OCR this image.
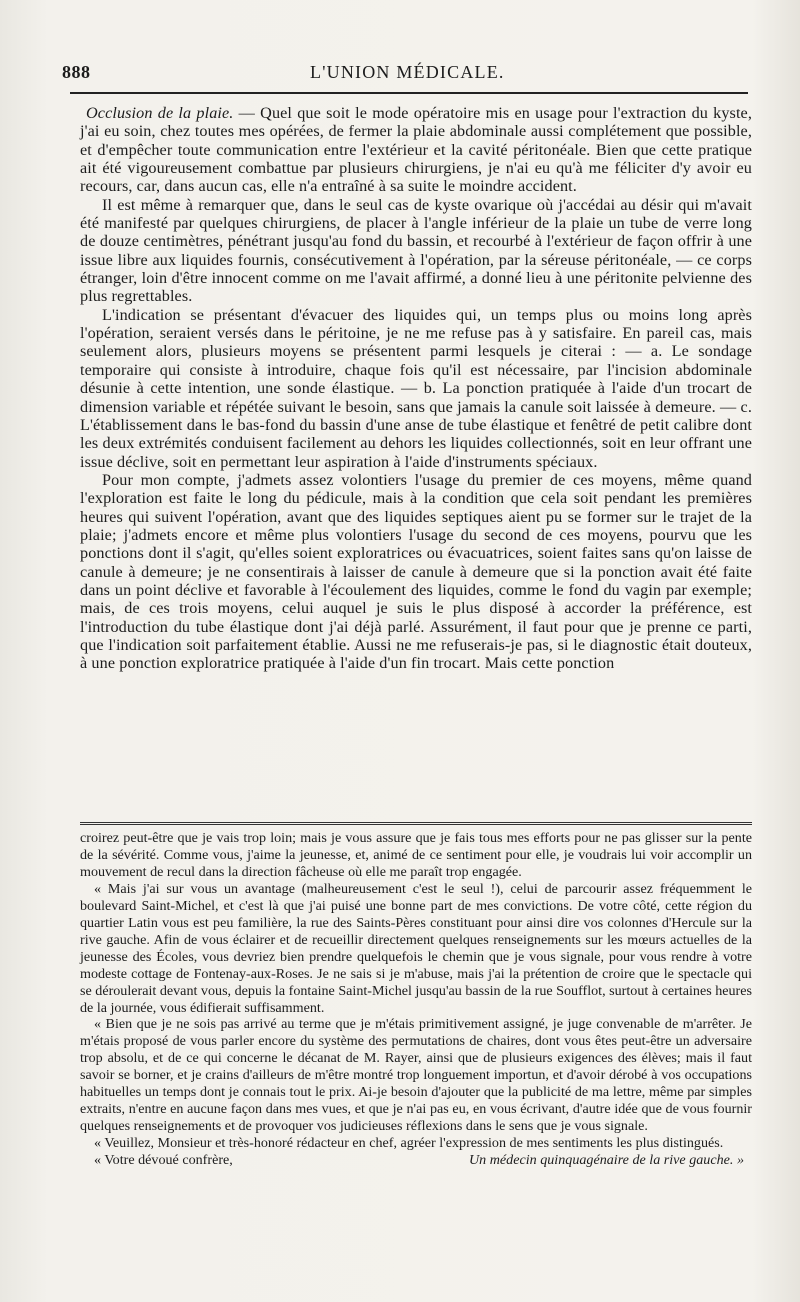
888	L'UNION MÉDICALE.

Occlusion de la plaie. — Quel que soit le mode opératoire mis en usage pour l'extraction du kyste, j'ai eu soin, chez toutes mes opérées, de fermer la plaie abdominale aussi complétement que possible, et d'empêcher toute communication entre l'extérieur et la cavité péritonéale. Bien que cette pratique ait été vigoureusement combattue par plusieurs chirurgiens, je n'ai eu qu'à me féliciter d'y avoir eu recours, car, dans aucun cas, elle n'a entraîné à sa suite le moindre accident.

Il est même à remarquer que, dans le seul cas de kyste ovarique où j'accédai au désir qui m'avait été manifesté par quelques chirurgiens, de placer à l'angle inférieur de la plaie un tube de verre long de douze centimètres, pénétrant jusqu'au fond du bassin, et recourbé à l'extérieur de façon offrir à une issue libre aux liquides fournis, consécutivement à l'opération, par la séreuse péritonéale, — ce corps étranger, loin d'être innocent comme on me l'avait affirmé, a donné lieu à une péritonite pelvienne des plus regrettables.

L'indication se présentant d'évacuer des liquides qui, un temps plus ou moins long après l'opération, seraient versés dans le péritoine, je ne me refuse pas à y satisfaire. En pareil cas, mais seulement alors, plusieurs moyens se présentent parmi lesquels je citerai : — a. Le sondage temporaire qui consiste à introduire, chaque fois qu'il est nécessaire, par l'incision abdominale désunie à cette intention, une sonde élastique. — b. La ponction pratiquée à l'aide d'un trocart de dimension variable et répétée suivant le besoin, sans que jamais la canule soit laissée à demeure. — c. L'établissement dans le bas-fond du bassin d'une anse de tube élastique et fenêtré de petit calibre dont les deux extrémités conduisent facilement au dehors les liquides collectionnés, soit en leur offrant une issue déclive, soit en permettant leur aspiration à l'aide d'instruments spéciaux.

Pour mon compte, j'admets assez volontiers l'usage du premier de ces moyens, même quand l'exploration est faite le long du pédicule, mais à la condition que cela soit pendant les premières heures qui suivent l'opération, avant que des liquides septiques aient pu se former sur le trajet de la plaie; j'admets encore et même plus volontiers l'usage du second de ces moyens, pourvu que les ponctions dont il s'agit, qu'elles soient exploratrices ou évacuatrices, soient faites sans qu'on laisse de canule à demeure; je ne consentirais à laisser de canule à demeure que si la ponction avait été faite dans un point déclive et favorable à l'écoulement des liquides, comme le fond du vagin par exemple; mais, de ces trois moyens, celui auquel je suis le plus disposé à accorder la préférence, est l'introduction du tube élastique dont j'ai déjà parlé. Assurément, il faut pour que je prenne ce parti, que l'indication soit parfaitement établie. Aussi ne me refuserais-je pas, si le diagnostic était douteux, à une ponction exploratrice pratiquée à l'aide d'un fin trocart. Mais cette ponction

croirez peut-être que je vais trop loin; mais je vous assure que je fais tous mes efforts pour ne pas glisser sur la pente de la sévérité. Comme vous, j'aime la jeunesse, et, animé de ce sentiment pour elle, je voudrais lui voir accomplir un mouvement de recul dans la direction fâcheuse où elle me paraît trop engagée.

« Mais j'ai sur vous un avantage (malheureusement c'est le seul !), celui de parcourir assez fréquemment le boulevard Saint-Michel, et c'est là que j'ai puisé une bonne part de mes convictions. De votre côté, cette région du quartier Latin vous est peu familière, la rue des Saints-Pères constituant pour ainsi dire vos colonnes d'Hercule sur la rive gauche. Afin de vous éclairer et de recueillir directement quelques renseignements sur les mœurs actuelles de la jeunesse des Écoles, vous devriez bien prendre quelquefois le chemin que je vous signale, pour vous rendre à votre modeste cottage de Fontenay-aux-Roses. Je ne sais si je m'abuse, mais j'ai la prétention de croire que le spectacle qui se déroulerait devant vous, depuis la fontaine Saint-Michel jusqu'au bassin de la rue Soufflot, surtout à certaines heures de la journée, vous édifierait suffisamment.

« Bien que je ne sois pas arrivé au terme que je m'étais primitivement assigné, je juge convenable de m'arrêter. Je m'étais proposé de vous parler encore du système des permutations de chaires, dont vous êtes peut-être un adversaire trop absolu, et de ce qui concerne le décanat de M. Rayer, ainsi que de plusieurs exigences des élèves; mais il faut savoir se borner, et je crains d'ailleurs de m'être montré trop longuement importun, et d'avoir dérobé à vos occupations habituelles un temps dont je connais tout le prix. Ai-je besoin d'ajouter que la publicité de ma lettre, même par simples extraits, n'entre en aucune façon dans mes vues, et que je n'ai pas eu, en vous écrivant, d'autre idée que de vous fournir quelques renseignements et de provoquer vos judicieuses réflexions dans le sens que je vous signale.

« Veuillez, Monsieur et très-honoré rédacteur en chef, agréer l'expression de mes sentiments les plus distingués.

« Votre dévoué confrère,	Un médecin quinquagénaire de la rive gauche. »
